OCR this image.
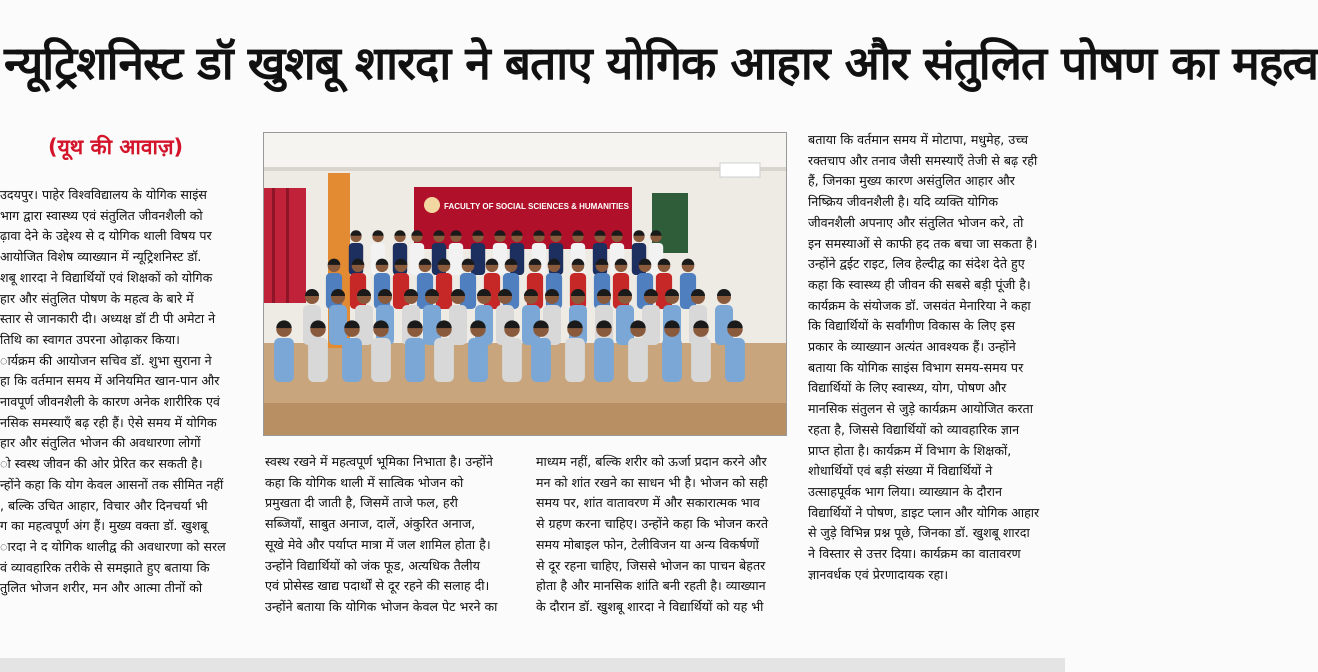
न्यूट्रिशनिस्ट डॉ खुशबू शारदा ने बताए योगिक आहार और संतुलित पोषण का महत्व
(यूथ की आवाज़)
उदयपुर। पाहेर विश्वविद्यालय के योगिक साइंस
भाग द्वारा स्वास्थ्य एवं संतुलित जीवनशैली को
ढ़ावा देने के उद्देश्य से द योगिक थाली विषय पर
आयोजित विशेष व्याख्यान में न्यूट्रिशनिस्ट डॉ.
शबू शारदा ने विद्यार्थियों एवं शिक्षकों को योगिक
हार और संतुलित पोषण के महत्व के बारे में
स्तार से जानकारी दी। अध्यक्ष डॉ टी पी अमेटा ने
तिथि का स्वागत उपरना ओढ़ाकर किया।
ार्यक्रम की आयोजन सचिव डॉ. शुभा सुराना ने
हा कि वर्तमान समय में अनियमित खान-पान और
नावपूर्ण जीवनशैली के कारण अनेक शारीरिक एवं
नसिक समस्याएँ बढ़ रही हैं। ऐसे समय में योगिक
हार और संतुलित भोजन की अवधारणा लोगों
ो स्वस्थ जीवन की ओर प्रेरित कर सकती है।
न्होंने कहा कि योग केवल आसनों तक सीमित नहीं
, बल्कि उचित आहार, विचार और दिनचर्या भी
ग का महत्वपूर्ण अंग हैं। मुख्य वक्ता डॉ. खुशबू
ारदा ने द योगिक थालीद्व की अवधारणा को सरल
वं व्यावहारिक तरीके से समझाते हुए बताया कि
तुलित भोजन शरीर, मन और आत्मा तीनों को
FACULTY OF SOCIAL SCIENCES & HUMANITIES
स्वस्थ रखने में महत्वपूर्ण भूमिका निभाता है। उन्होंने
कहा कि योगिक थाली में सात्विक भोजन को
प्रमुखता दी जाती है, जिसमें ताजे फल, हरी
सब्जियाँ, साबुत अनाज, दालें, अंकुरित अनाज,
सूखे मेवे और पर्याप्त मात्रा में जल शामिल होता है।
उन्होंने विद्यार्थियों को जंक फूड, अत्यधिक तैलीय
एवं प्रोसेस्ड खाद्य पदार्थों से दूर रहने की सलाह दी।
उन्होंने बताया कि योगिक भोजन केवल पेट भरने का
माध्यम नहीं, बल्कि शरीर को ऊर्जा प्रदान करने और
मन को शांत रखने का साधन भी है। भोजन को सही
समय पर, शांत वातावरण में और सकारात्मक भाव
से ग्रहण करना चाहिए। उन्होंने कहा कि भोजन करते
समय मोबाइल फोन, टेलीविजन या अन्य विकर्षणों
से दूर रहना चाहिए, जिससे भोजन का पाचन बेहतर
होता है और मानसिक शांति बनी रहती है। व्याख्यान
के दौरान डॉ. खुशबू शारदा ने विद्यार्थियों को यह भी
बताया कि वर्तमान समय में मोटापा, मधुमेह, उच्च
रक्तचाप और तनाव जैसी समस्याएँ तेजी से बढ़ रही
हैं, जिनका मुख्य कारण असंतुलित आहार और
निष्क्रिय जीवनशैली है। यदि व्यक्ति योगिक
जीवनशैली अपनाए और संतुलित भोजन करे, तो
इन समस्याओं से काफी हद तक बचा जा सकता है।
उन्होंने द्वईट राइट, लिव हेल्दीद्व का संदेश देते हुए
कहा कि स्वास्थ्य ही जीवन की सबसे बड़ी पूंजी है।
कार्यक्रम के संयोजक डॉ. जसवंत मेनारिया ने कहा
कि विद्यार्थियों के सर्वांगीण विकास के लिए इस
प्रकार के व्याख्यान अत्यंत आवश्यक हैं। उन्होंने
बताया कि योगिक साइंस विभाग समय-समय पर
विद्यार्थियों के लिए स्वास्थ्य, योग, पोषण और
मानसिक संतुलन से जुड़े कार्यक्रम आयोजित करता
रहता है, जिससे विद्यार्थियों को व्यावहारिक ज्ञान
प्राप्त होता है। कार्यक्रम में विभाग के शिक्षकों,
शोधार्थियों एवं बड़ी संख्या में विद्यार्थियों ने
उत्साहपूर्वक भाग लिया। व्याख्यान के दौरान
विद्यार्थियों ने पोषण, डाइट प्लान और योगिक आहार
से जुड़े विभिन्न प्रश्न पूछे, जिनका डॉ. खुशबू शारदा
ने विस्तार से उत्तर दिया। कार्यक्रम का वातावरण
ज्ञानवर्धक एवं प्रेरणादायक रहा।
